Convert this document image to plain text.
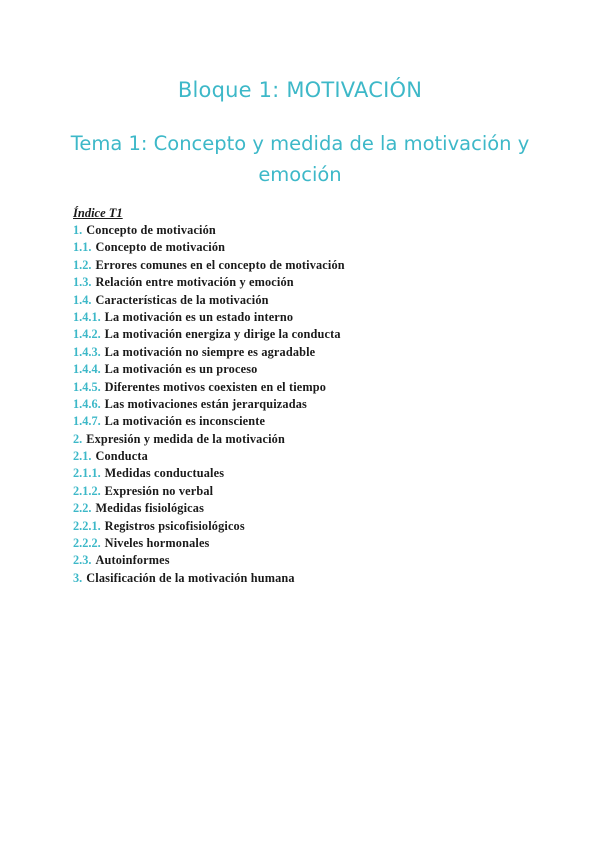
Bloque 1: MOTIVACIÓN
Tema 1: Concepto y medida de la motivación y emoción
Índice T1
1. Concepto de motivación
1.1. Concepto de motivación
1.2. Errores comunes en el concepto de motivación
1.3. Relación entre motivación y emoción
1.4. Características de la motivación
1.4.1. La motivación es un estado interno
1.4.2. La motivación energiza y dirige la conducta
1.4.3. La motivación no siempre es agradable
1.4.4. La motivación es un proceso
1.4.5. Diferentes motivos coexisten en el tiempo
1.4.6. Las motivaciones están jerarquizadas
1.4.7. La motivación es inconsciente
2. Expresión y medida de la motivación
2.1. Conducta
2.1.1. Medidas conductuales
2.1.2. Expresión no verbal
2.2. Medidas fisiológicas
2.2.1. Registros psicofisiológicos
2.2.2. Niveles hormonales
2.3. Autoinformes
3. Clasificación de la motivación humana
